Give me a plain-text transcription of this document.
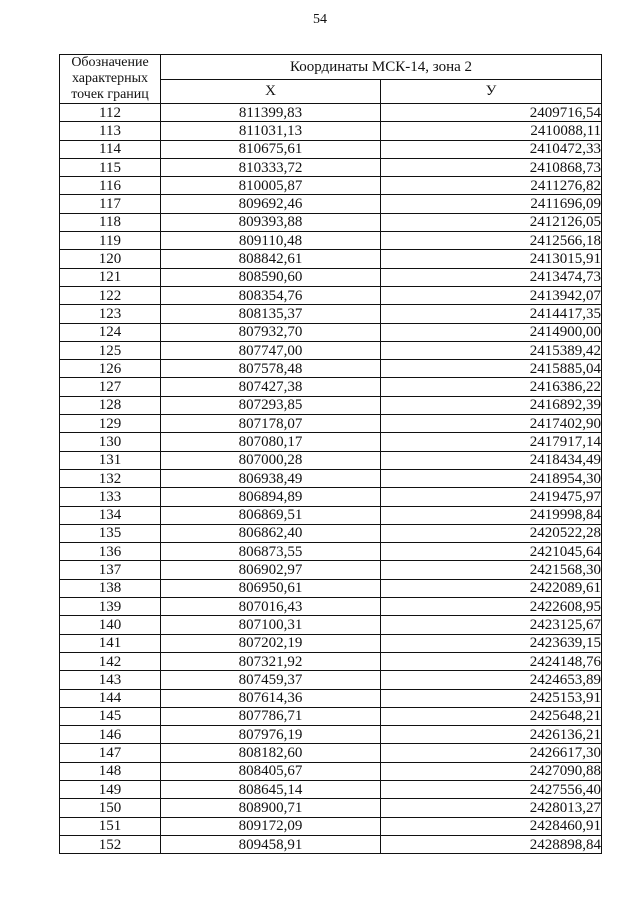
54
Обозначение характерных точек границ	Координаты МСК-14, зона 2	
	X	У
112	811399,83	2409716,54
113	811031,13	2410088,11
114	810675,61	2410472,33
115	810333,72	2410868,73
116	810005,87	2411276,82
117	809692,46	2411696,09
118	809393,88	2412126,05
119	809110,48	2412566,18
120	808842,61	2413015,91
121	808590,60	2413474,73
122	808354,76	2413942,07
123	808135,37	2414417,35
124	807932,70	2414900,00
125	807747,00	2415389,42
126	807578,48	2415885,04
127	807427,38	2416386,22
128	807293,85	2416892,39
129	807178,07	2417402,90
130	807080,17	2417917,14
131	807000,28	2418434,49
132	806938,49	2418954,30
133	806894,89	2419475,97
134	806869,51	2419998,84
135	806862,40	2420522,28
136	806873,55	2421045,64
137	806902,97	2421568,30
138	806950,61	2422089,61
139	807016,43	2422608,95
140	807100,31	2423125,67
141	807202,19	2423639,15
142	807321,92	2424148,76
143	807459,37	2424653,89
144	807614,36	2425153,91
145	807786,71	2425648,21
146	807976,19	2426136,21
147	808182,60	2426617,30
148	808405,67	2427090,88
149	808645,14	2427556,40
150	808900,71	2428013,27
151	809172,09	2428460,91
152	809458,91	2428898,84
